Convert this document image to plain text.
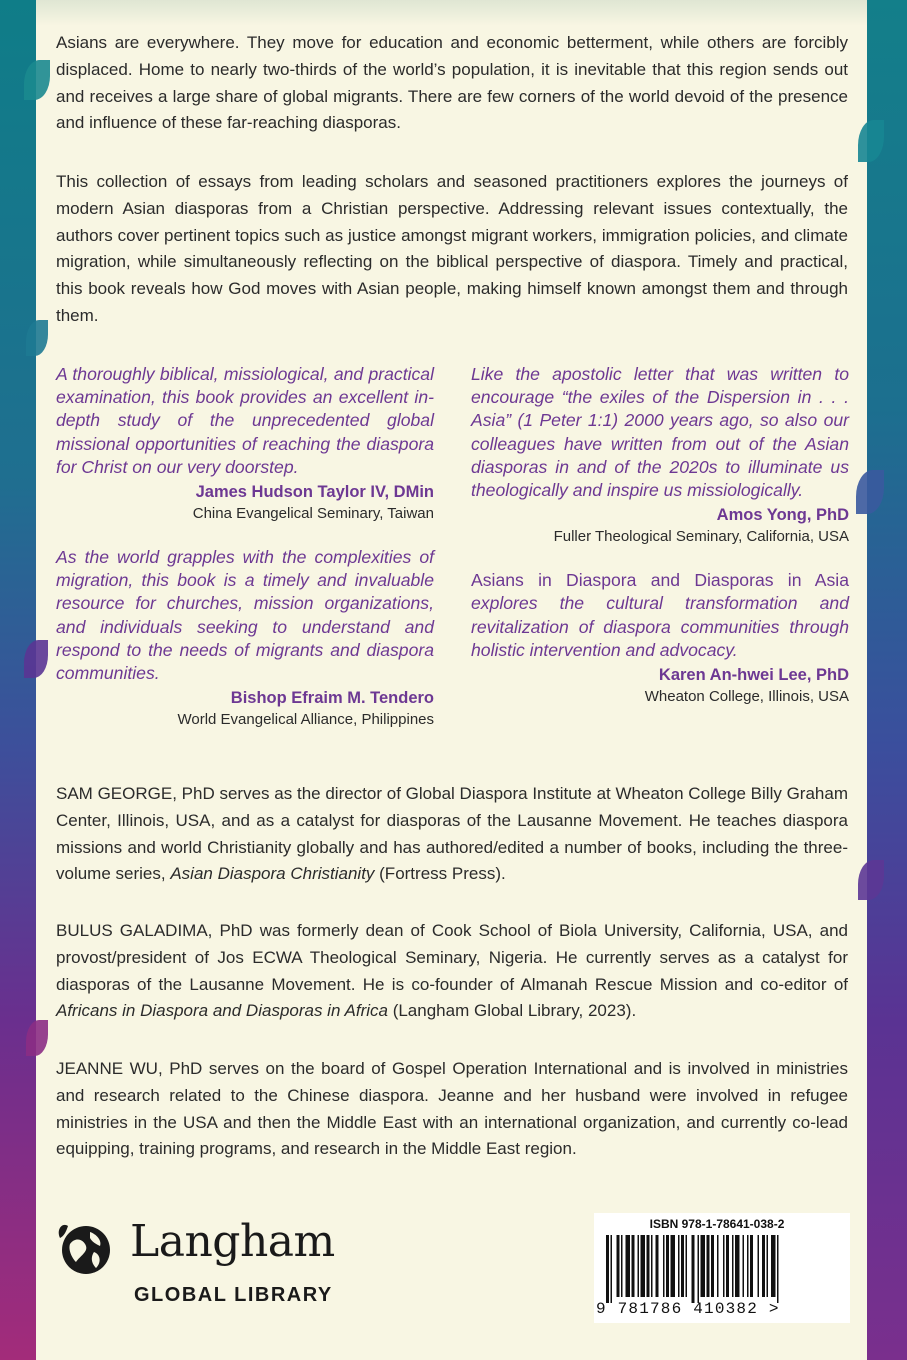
Asians are everywhere. They move for education and economic betterment, while others are forcibly displaced. Home to nearly two-thirds of the world’s population, it is inevitable that this region sends out and receives a large share of global migrants. There are few corners of the world devoid of the presence and influence of these far-reaching diasporas.

This collection of essays from leading scholars and seasoned practitioners explores the journeys of modern Asian diasporas from a Christian perspective. Addressing relevant issues contextually, the authors cover pertinent topics such as justice amongst migrant workers, immigration policies, and climate migration, while simultaneously reflecting on the biblical perspective of diaspora. Timely and practical, this book reveals how God moves with Asian people, making himself known amongst them and through them.

A thoroughly biblical, missiological, and practical examination, this book provides an excellent in-depth study of the unprecedented global missional opportunities of reaching the diaspora for Christ on our very doorstep.

James Hudson Taylor IV, DMin

China Evangelical Seminary, Taiwan

As the world grapples with the complexities of migration, this book is a timely and invaluable resource for churches, mission organizations, and individuals seeking to understand and respond to the needs of migrants and diaspora communities.

Bishop Efraim M. Tendero

World Evangelical Alliance, Philippines

Like the apostolic letter that was written to encourage “the exiles of the Dispersion in . . . Asia” (1 Peter 1:1) 2000 years ago, so also our colleagues have written from out of the Asian diasporas in and of the 2020s to illuminate us theologically and inspire us missiologically.

Amos Yong, PhD

Fuller Theological Seminary, California, USA

Asians in Diaspora and Diasporas in Asia explores the cultural transformation and revitalization of diaspora communities through holistic intervention and advocacy.

Karen An-hwei Lee, PhD

Wheaton College, Illinois, USA

SAM GEORGE, PhD serves as the director of Global Diaspora Institute at Wheaton College Billy Graham Center, Illinois, USA, and as a catalyst for diasporas of the Lausanne Movement. He teaches diaspora missions and world Christianity globally and has authored/edited a number of books, including the three-volume series, Asian Diaspora Christianity (Fortress Press).

BULUS GALADIMA, PhD was formerly dean of Cook School of Biola University, California, USA, and provost/president of Jos ECWA Theological Seminary, Nigeria. He currently serves as a catalyst for diasporas of the Lausanne Movement. He is co-founder of Almanah Rescue Mission and co-editor of Africans in Diaspora and Diasporas in Africa (Langham Global Library, 2023).

JEANNE WU, PhD serves on the board of Gospel Operation International and is involved in ministries and research related to the Chinese diaspora. Jeanne and her husband were involved in refugee ministries in the USA and then the Middle East with an international organization, and currently co-lead equipping, training programs, and research in the Middle East region.

Langham
GLOBAL LIBRARY
ISBN 978-1-78641-038-2
9 781786 410382 >
